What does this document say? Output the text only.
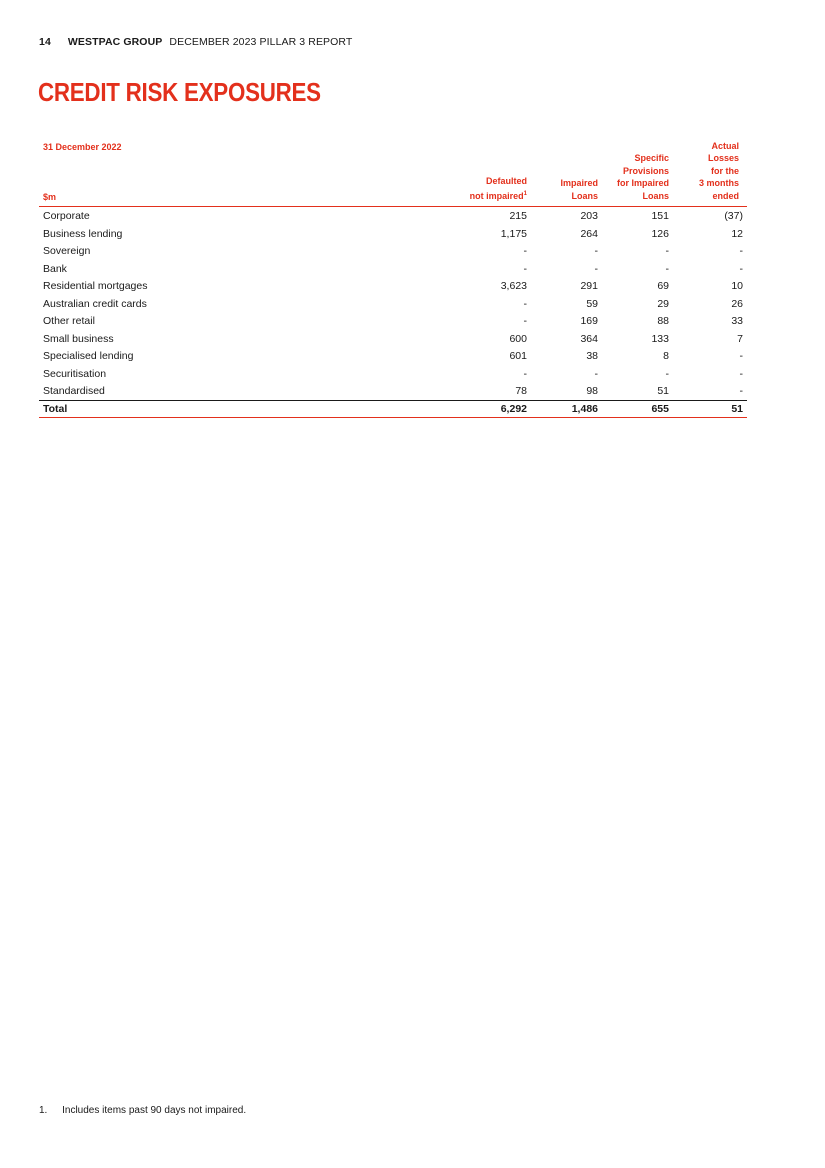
14 WESTPAC GROUP DECEMBER 2023 PILLAR 3 REPORT
CREDIT RISK EXPOSURES
31 December 2022
$m
Defaulted
not impaired$^1$
Impaired
Loans
Specific
Provisions
for Impaired
Loans
Actual
Losses
for the
3 months
ended
Corporate	215	203	151	(37)
Business lending	1,175	264	126	12
Sovereign	-	-	-	-
Bank	-	-	-	-
Residential mortgages	3,623	291	69	10
Australian credit cards	-	59	29	26
Other retail	-	169	88	33
Small business	600	364	133	7
Specialised lending	601	38	8	-
Securitisation	-	-	-	-
Standardised	78	98	51	-
Total	6,292	1,486	655	51
1. Includes items past 90 days not impaired.
